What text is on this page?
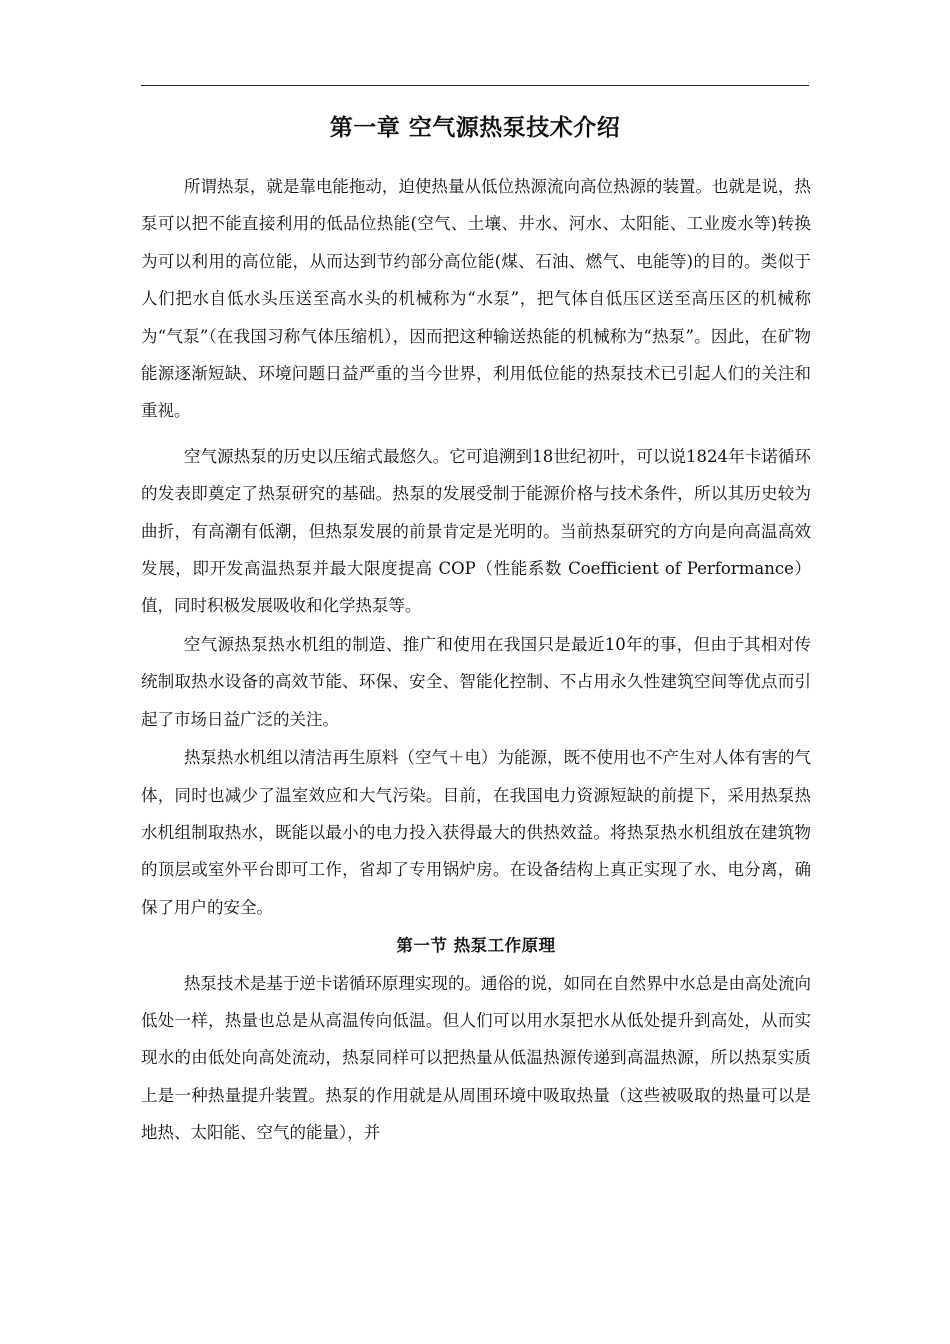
第一章 空气源热泵技术介绍

所谓热泵，就是靠电能拖动，迫使热量从低位热源流向高位热源的装置。也就是说，热泵可以把不能直接利用的低品位热能(空气、土壤、井水、河水、太阳能、工业废水等)转换为可以利用的高位能，从而达到节约部分高位能(煤、石油、燃气、电能等)的目的。类似于人们把水自低水头压送至高水头的机械称为“水泵”，把气体自低压区送至高压区的机械称为“气泵”（在我国习称气体压缩机），因而把这种输送热能的机械称为“热泵”。因此，在矿物能源逐渐短缺、环境问题日益严重的当今世界，利用低位能的热泵技术已引起人们的关注和重视。

空气源热泵的历史以压缩式最悠久。它可追溯到18世纪初叶，可以说1824年卡诺循环的发表即奠定了热泵研究的基础。热泵的发展受制于能源价格与技术条件，所以其历史较为曲折，有高潮有低潮，但热泵发展的前景肯定是光明的。当前热泵研究的方向是向高温高效发展，即开发高温热泵并最大限度提高 COP（性能系数 Coefficient of Performance）值，同时积极发展吸收和化学热泵等。

空气源热泵热水机组的制造、推广和使用在我国只是最近10年的事，但由于其相对传统制取热水设备的高效节能、环保、安全、智能化控制、不占用永久性建筑空间等优点而引起了市场日益广泛的关注。

热泵热水机组以清洁再生原料（空气＋电）为能源，既不使用也不产生对人体有害的气体，同时也减少了温室效应和大气污染。目前，在我国电力资源短缺的前提下，采用热泵热水机组制取热水，既能以最小的电力投入获得最大的供热效益。将热泵热水机组放在建筑物的顶层或室外平台即可工作，省却了专用锅炉房。在设备结构上真正实现了水、电分离，确保了用户的安全。

第一节 热泵工作原理

热泵技术是基于逆卡诺循环原理实现的。通俗的说，如同在自然界中水总是由高处流向低处一样，热量也总是从高温传向低温。但人们可以用水泵把水从低处提升到高处，从而实现水的由低处向高处流动，热泵同样可以把热量从低温热源传递到高温热源，所以热泵实质上是一种热量提升装置。热泵的作用就是从周围环境中吸取热量（这些被吸取的热量可以是地热、太阳能、空气的能量），并
